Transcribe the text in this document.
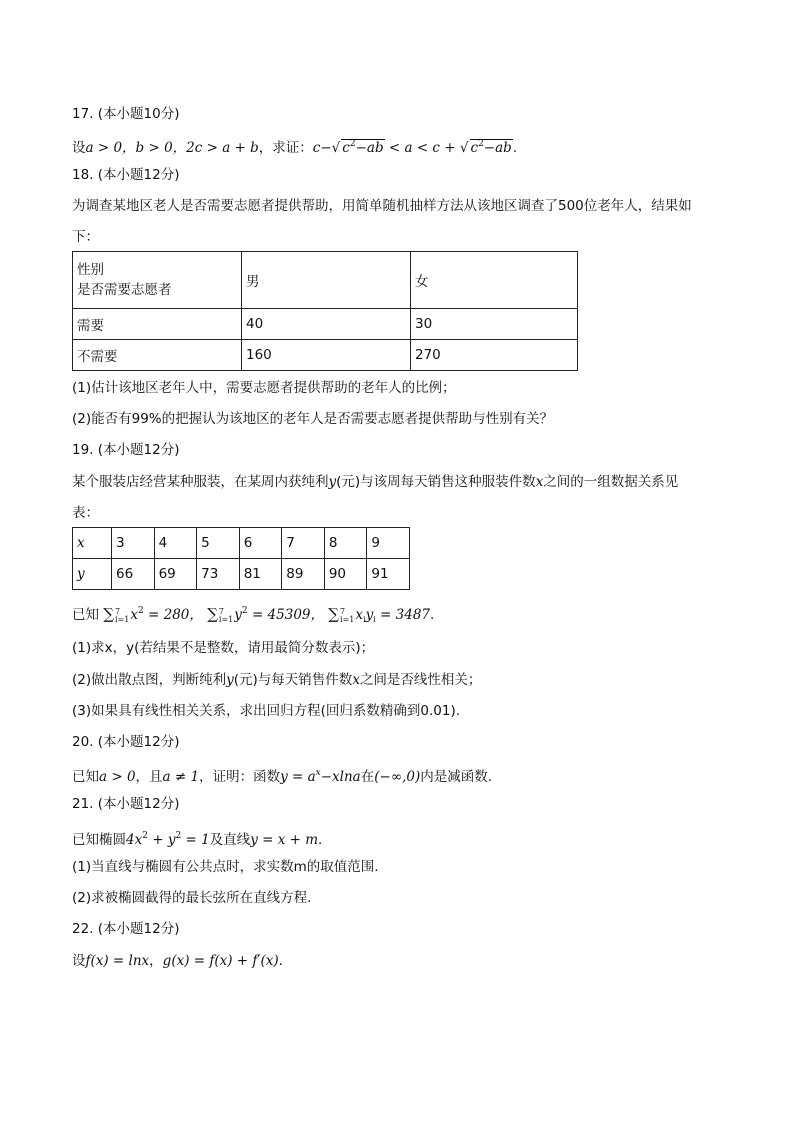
17. (本小题10分)
设a > 0，b > 0，2c > a + b，求证：c−√ $c^2-ab < a < c$ + √ $c^2-ab$.
18. (本小题12分)
为调查某地区老人是否需要志愿者提供帮助，用简单随机抽样方法从该地区调查了500位老年人，结果如
下：
性别
是否需要志愿者	男	女
需要	40	30
不需要	160	270
(1)估计该地区老年人中，需要志愿者提供帮助的老年人的比例；
(2)能否有99%的把握认为该地区的老年人是否需要志愿者提供帮助与性别有关？
19. (本小题12分)
某个服装店经营某种服装，在某周内获纯利y(元)与该周每天销售这种服装件数x之间的一组数据关系见
表：
x	3	4	5	6	7	8	9
y	66	69	73	81	89	90	91
已知 ∑ 7
i=1 $x^2 = 280$， ∑ 7
i=1 $y^2 = 45309$， ∑ 7
i=1 $x_iy_i = 3487$.
(1)求x，y(若结果不是整数，请用最简分数表示)；
(2)做出散点图，判断纯利y(元)与每天销售件数x之间是否线性相关；
(3)如果具有线性相关关系，求出回归方程(回归系数精确到0.01).
20. (本小题12分)
已知a > 0，且a ≠ 1，证明：函数$y = a^x-xlna$在(−∞,0)内是减函数.
21. (本小题12分)
已知椭圆$4x^2 + y^2 = 1$及直线y = x + m.
(1)当直线与椭圆有公共点时，求实数m的取值范围.
(2)求被椭圆截得的最长弦所在直线方程.
22. (本小题12分)
设f(x) = lnx，g(x) = f(x) + f′(x).
